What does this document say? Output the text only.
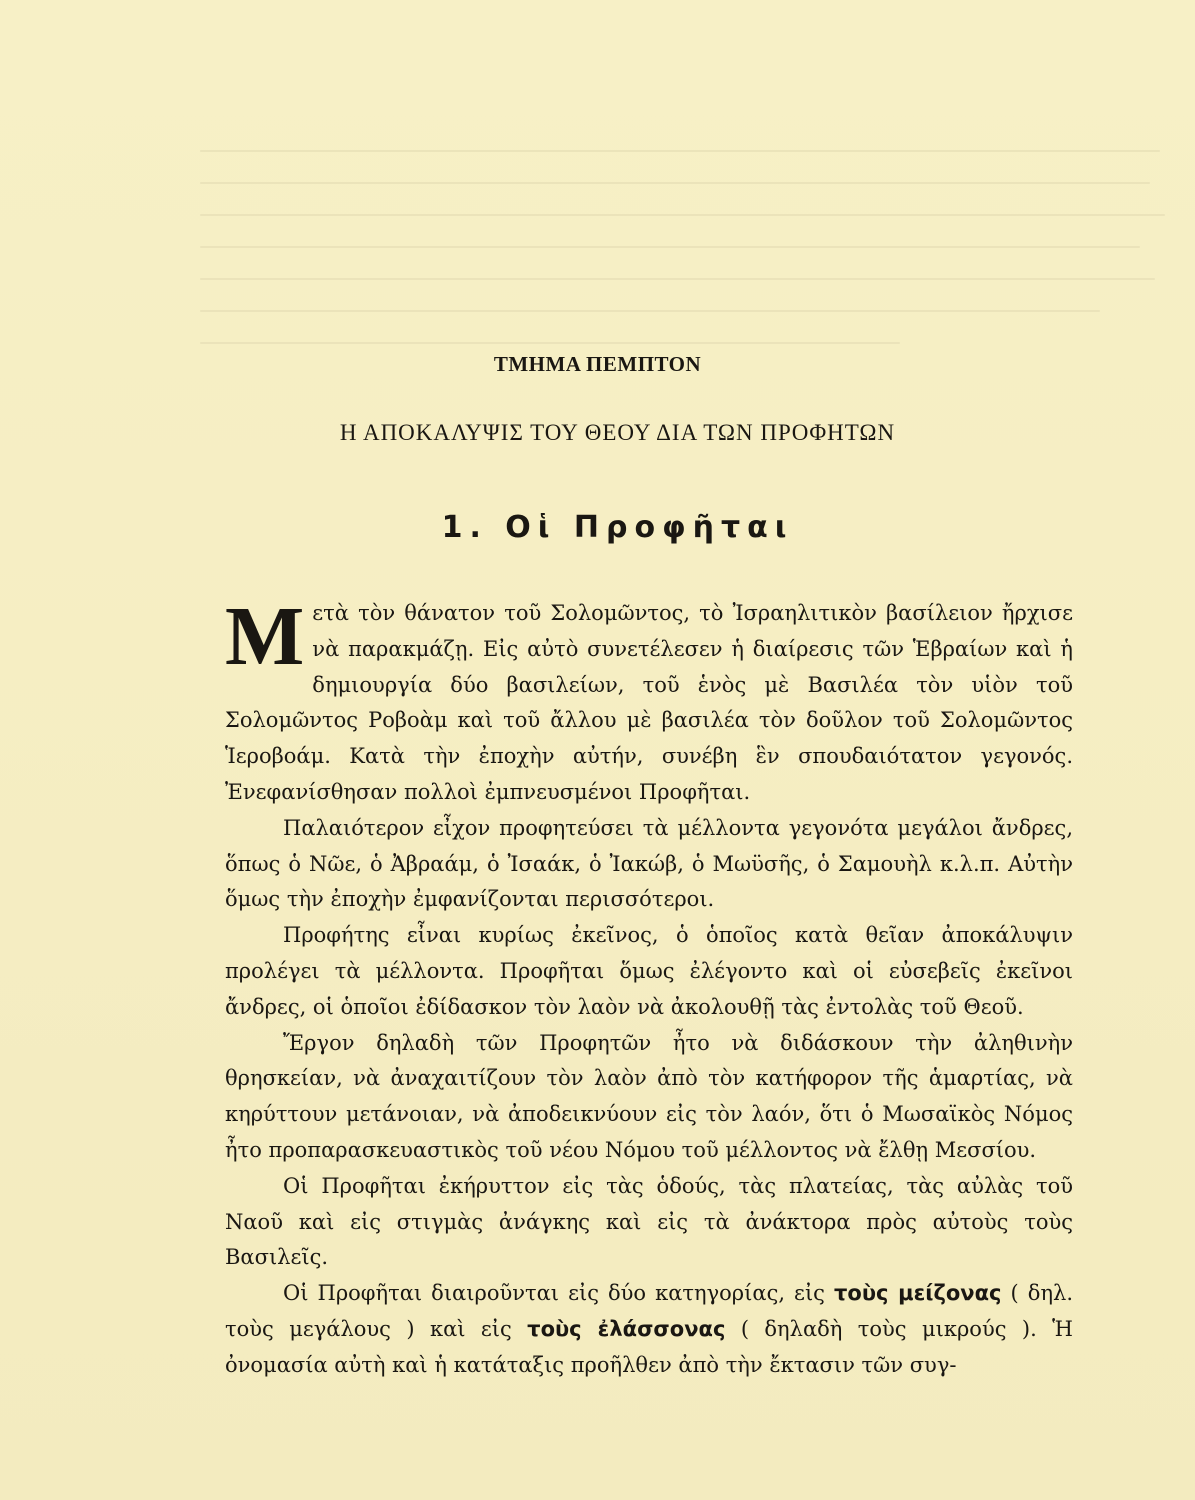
ΤΜΗΜΑ ΠΕΜΠΤΟΝ
Η ΑΠΟΚΑΛΥΨΙΣ ΤΟΥ ΘΕΟΥ ΔΙΑ ΤΩΝ ΠΡΟΦΗΤΩΝ
1. Οἱ Προφῆται

Μετὰ τὸν θάνατον τοῦ Σολομῶντος, τὸ Ἰσραηλιτικὸν βασίλειον ἤρχισε νὰ παρακμάζῃ. Εἰς αὐτὸ συνετέλεσεν ἡ διαίρεσις τῶν Ἑβραίων καὶ ἡ δημιουργία δύο βασιλείων, τοῦ ἑνὸς μὲ Βασιλέα τὸν υἱὸν τοῦ Σολομῶντος Ροβοὰμ καὶ τοῦ ἄλλου μὲ βασιλέα τὸν δοῦλον τοῦ Σολομῶντος Ἱεροβοάμ. Κατὰ τὴν ἐποχὴν αὐτήν, συνέβη ἓν σπουδαιότατον γεγονός. Ἐνεφανίσθησαν πολλοὶ ἐμπνευσμένοι Προφῆται.

Παλαιότερον εἶχον προφητεύσει τὰ μέλλοντα γεγονότα μεγάλοι ἄνδρες, ὅπως ὁ Νῶε, ὁ Ἀβραάμ, ὁ Ἰσαάκ, ὁ Ἰακώβ, ὁ Μωϋσῆς, ὁ Σαμουὴλ κ.λ.π. Αὐτὴν ὅμως τὴν ἐποχὴν ἐμφανίζονται περισσότεροι.

Προφήτης εἶναι κυρίως ἐκεῖνος, ὁ ὁποῖος κατὰ θεῖαν ἀποκάλυψιν προλέγει τὰ μέλλοντα. Προφῆται ὅμως ἐλέγοντο καὶ οἱ εὐσεβεῖς ἐκεῖνοι ἄνδρες, οἱ ὁποῖοι ἐδίδασκον τὸν λαὸν νὰ ἀκολουθῇ τὰς ἐντολὰς τοῦ Θεοῦ.

Ἔργον δηλαδὴ τῶν Προφητῶν ἦτο νὰ διδάσκουν τὴν ἀληθινὴν θρησκείαν, νὰ ἀναχαιτίζουν τὸν λαὸν ἀπὸ τὸν κατήφορον τῆς ἁμαρτίας, νὰ κηρύττουν μετάνοιαν, νὰ ἀποδεικνύουν εἰς τὸν λαόν, ὅτι ὁ Μωσαϊκὸς Νόμος ἦτο προπαρασκευαστικὸς τοῦ νέου Νόμου τοῦ μέλλοντος νὰ ἔλθῃ Μεσσίου.

Οἱ Προφῆται ἐκήρυττον εἰς τὰς ὁδούς, τὰς πλατείας, τὰς αὐλὰς τοῦ Ναοῦ καὶ εἰς στιγμὰς ἀνάγκης καὶ εἰς τὰ ἀνάκτορα πρὸς αὐτοὺς τοὺς Βασιλεῖς.

Οἱ Προφῆται διαιροῦνται εἰς δύο κατηγορίας, εἰς τοὺς μείζονας ( δηλ. τοὺς μεγάλους ) καὶ εἰς τοὺς ἐλάσσονας ( δηλαδὴ τοὺς μικρούς ). Ἡ ὀνομασία αὐτὴ καὶ ἡ κατάταξις προῆλθεν ἀπὸ τὴν ἔκτασιν τῶν συγ-
